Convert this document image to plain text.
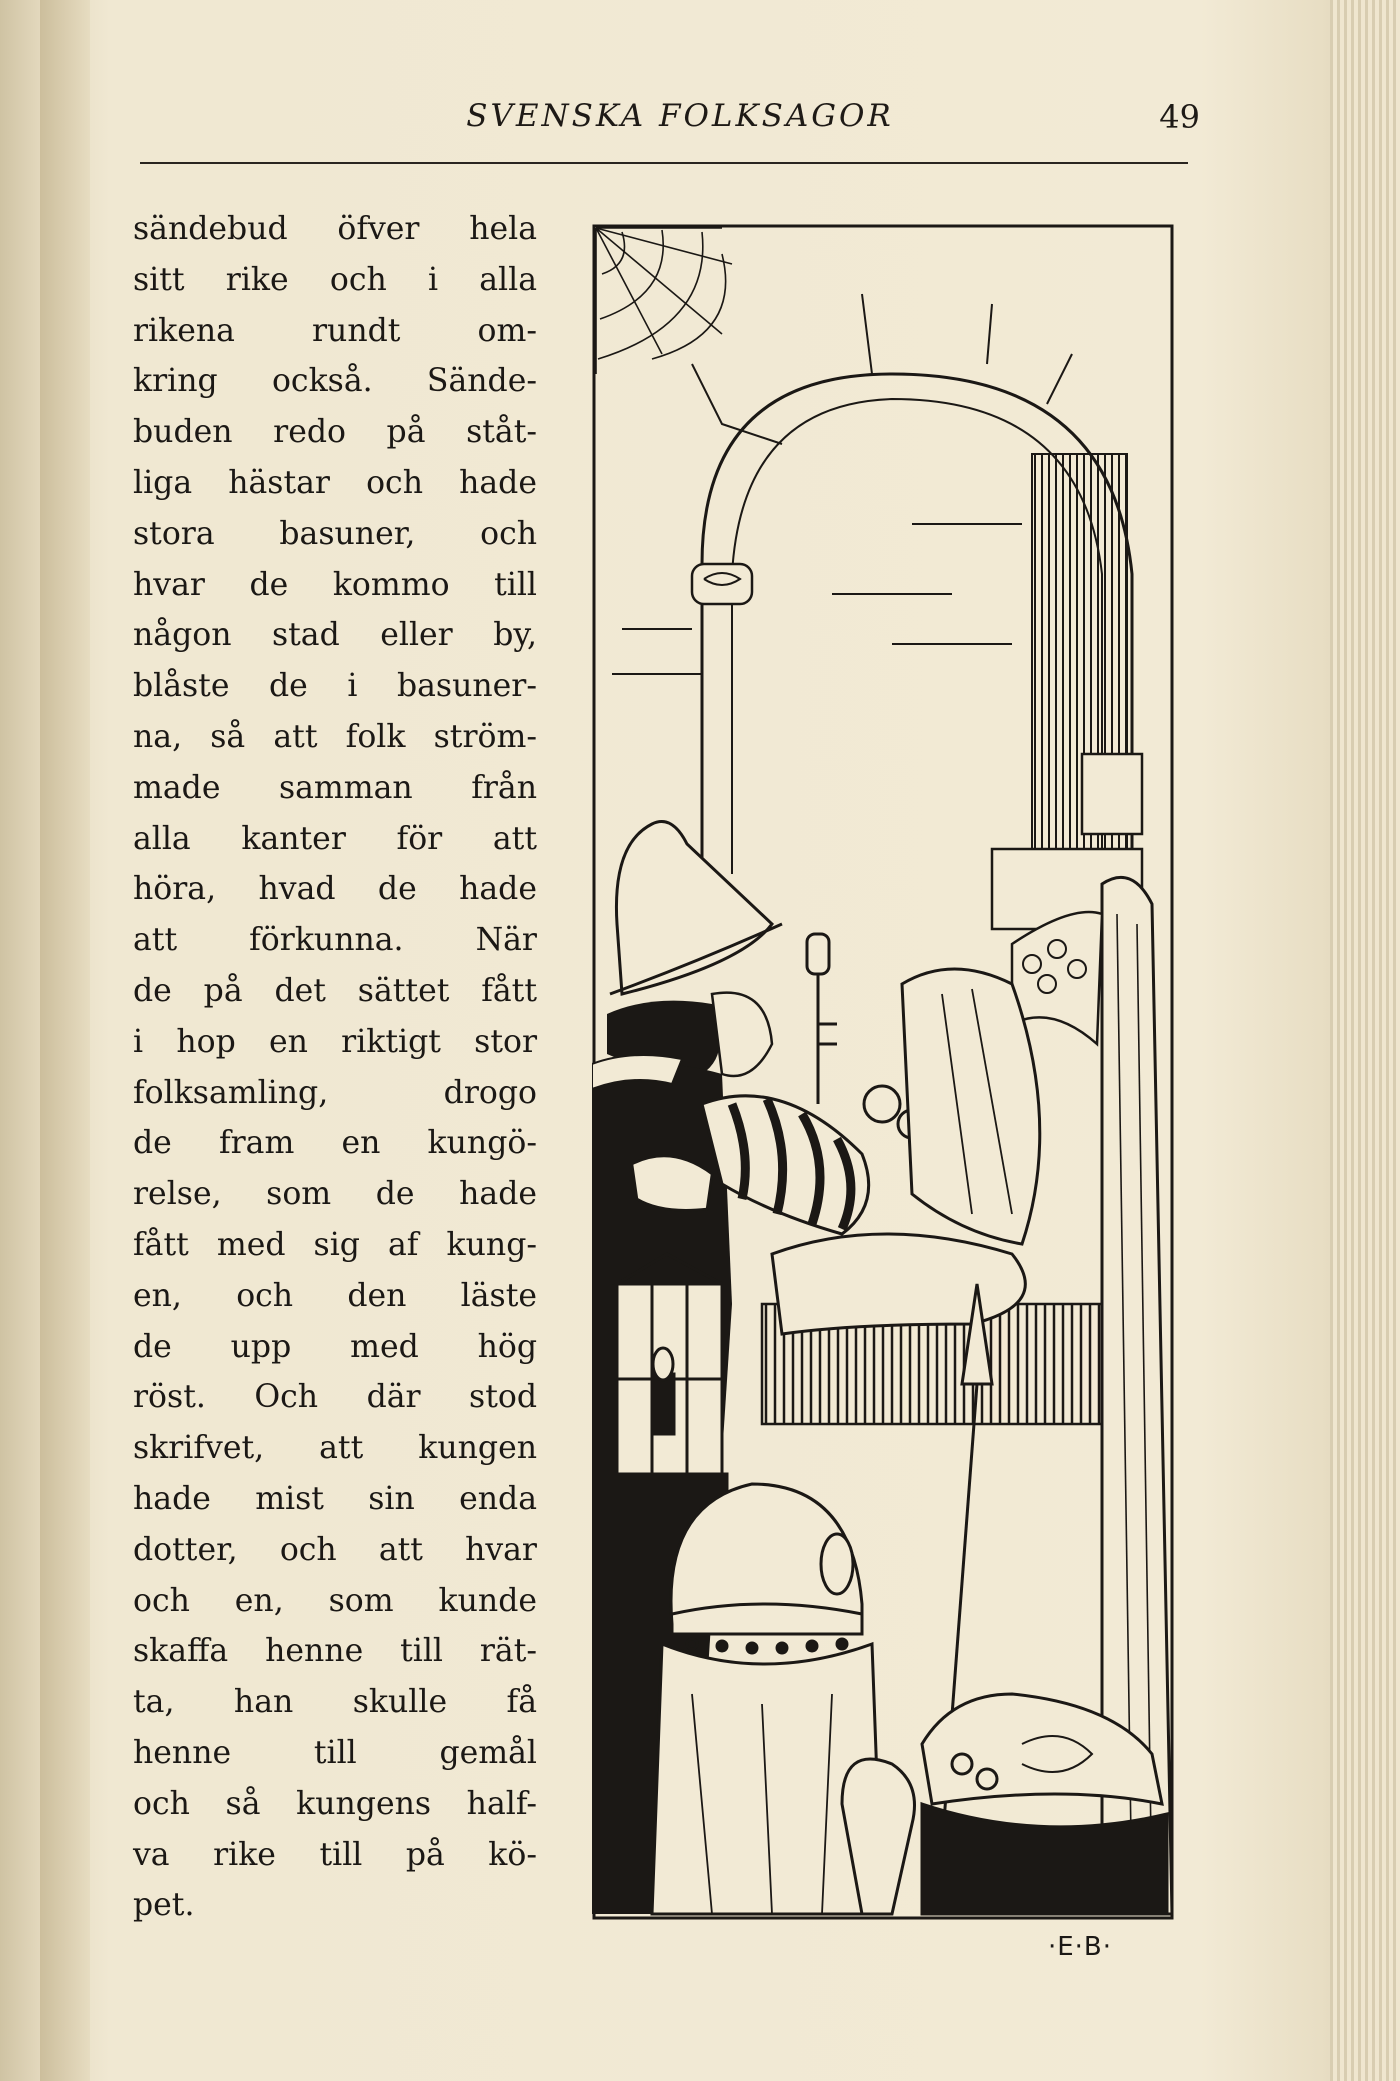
SVENSKA FOLKSAGOR	49
sändebud öfver hela
sitt rike och i alla
rikena rundt om-
kring också. Sände-
buden redo på ståt-
liga hästar och hade
stora basuner, och
hvar de kommo till
någon stad eller by,
blåste de i basuner-
na, så att folk ström-
made samman från
alla kanter för att
höra, hvad de hade
att förkunna. När
de på det sättet fått
i hop en riktigt stor
folksamling, drogo
de fram en kungö-
relse, som de hade
fått med sig af kung-
en, och den läste
de upp med hög
röst. Och där stod
skrifvet, att kungen
hade mist sin enda
dotter, och att hvar
och en, som kunde
skaffa henne till rät-
ta, han skulle få
henne till gemål
och så kungens half-
va rike till på kö-
pet.
·E·B·
